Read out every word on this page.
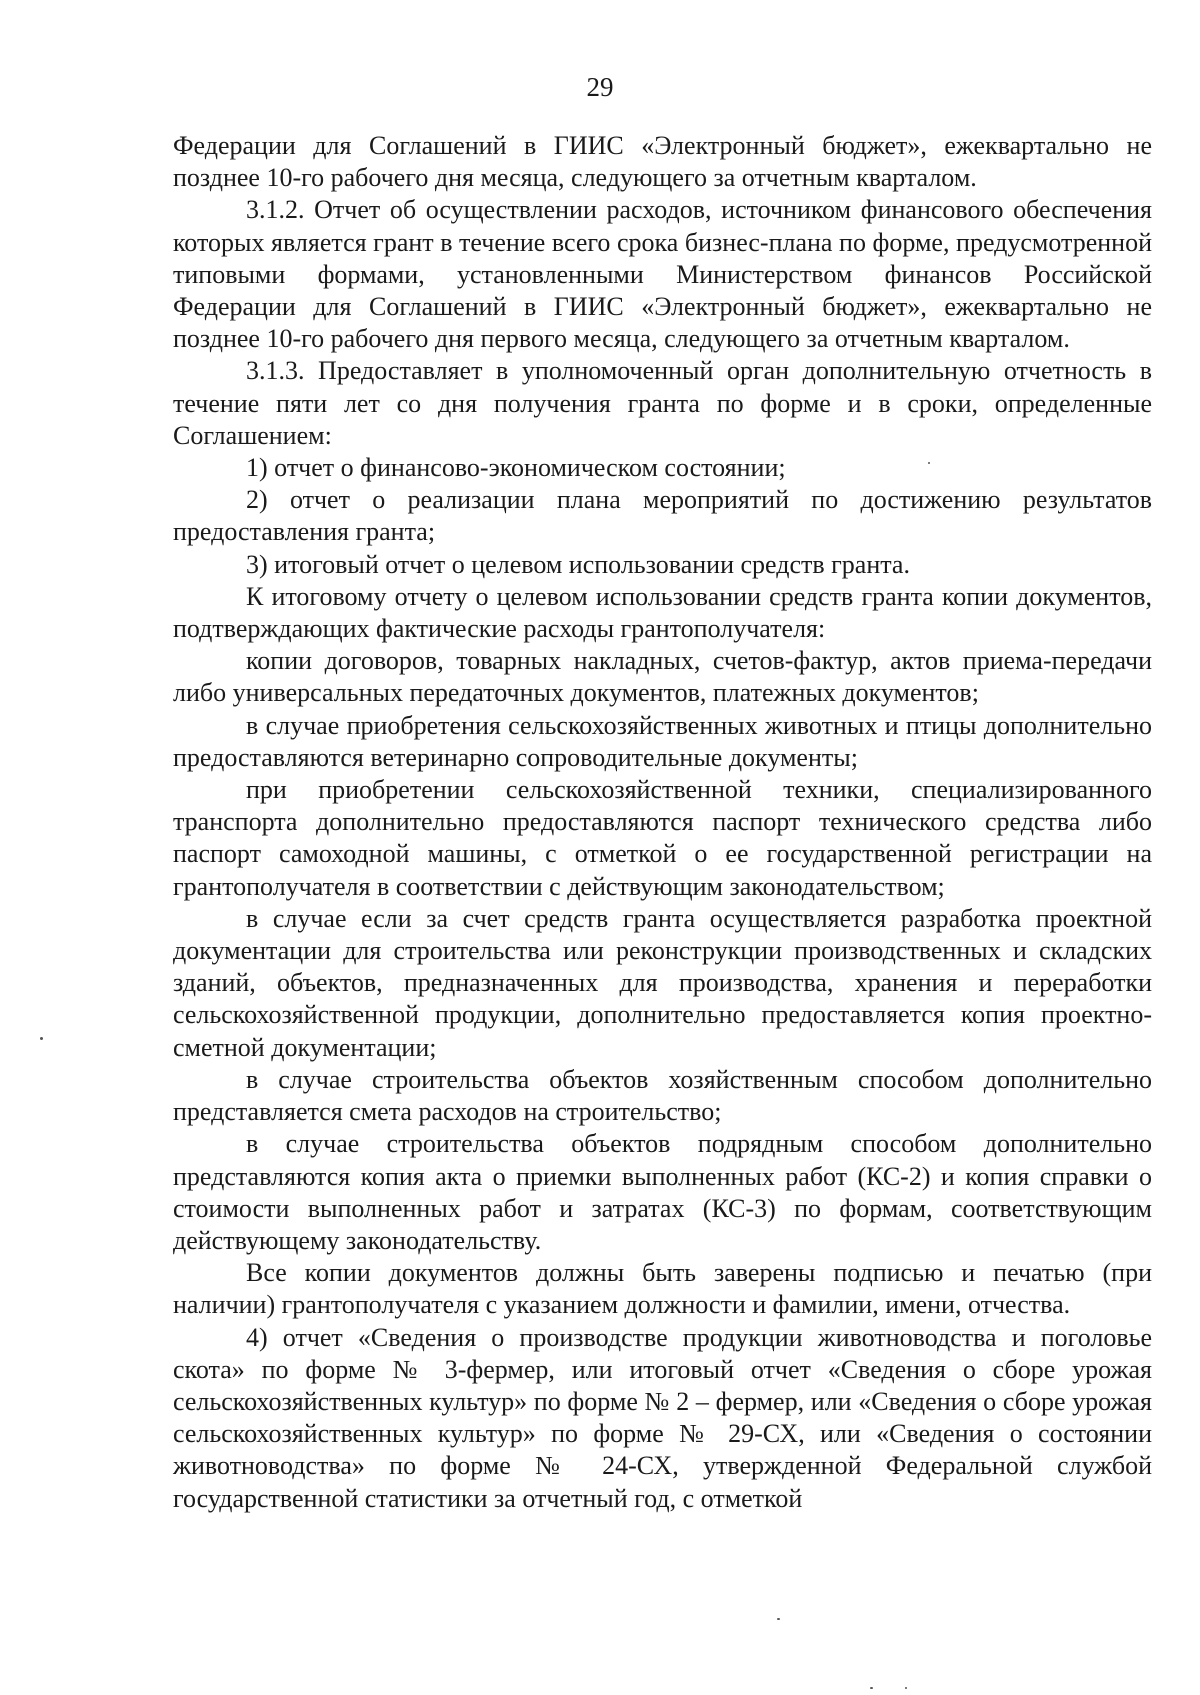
29

Федерации для Соглашений в ГИИС «Электронный бюджет», ежеквартально не позднее 10-го рабочего дня месяца, следующего за отчетным кварталом.

3.1.2. Отчет об осуществлении расходов, источником финансового обеспечения которых является грант в течение всего срока бизнес-плана по форме, предусмотренной типовыми формами, установленными Министерством финансов Российской Федерации для Соглашений в ГИИС «Электронный бюджет», ежеквартально не позднее 10-го рабочего дня первого месяца, следующего за отчетным кварталом.

3.1.3. Предоставляет в уполномоченный орган дополнительную отчетность в течение пяти лет со дня получения гранта по форме и в сроки, определенные Соглашением:

1) отчет о финансово-экономическом состоянии;

2) отчет о реализации плана мероприятий по достижению результатов предоставления гранта;

3) итоговый отчет о целевом использовании средств гранта.

К итоговому отчету о целевом использовании средств гранта копии документов, подтверждающих фактические расходы грантополучателя:

копии договоров, товарных накладных, счетов-фактур, актов приема-передачи либо универсальных передаточных документов, платежных документов;

в случае приобретения сельскохозяйственных животных и птицы дополнительно предоставляются ветеринарно сопроводительные документы;

при приобретении сельскохозяйственной техники, специализированного транспорта дополнительно предоставляются паспорт технического средства либо паспорт самоходной машины, с отметкой о ее государственной регистрации на грантополучателя в соответствии с действующим законодательством;

в случае если за счет средств гранта осуществляется разработка проектной документации для строительства или реконструкции производственных и складских зданий, объектов, предназначенных для производства, хранения и переработки сельскохозяйственной продукции, дополнительно предоставляется копия проектно-сметной документации;

в случае строительства объектов хозяйственным способом дополнительно представляется смета расходов на строительство;

в случае строительства объектов подрядным способом дополнительно представляются копия акта о приемки выполненных работ (КС-2) и копия справки о стоимости выполненных работ и затратах (КС-3) по формам, соответствующим действующему законодательству.

Все копии документов должны быть заверены подписью и печатью (при наличии) грантополучателя с указанием должности и фамилии, имени, отчества.

4) отчет «Сведения о производстве продукции животноводства и поголовье скота» по форме № 3-фермер, или итоговый отчет «Сведения о сборе урожая сельскохозяйственных культур» по форме № 2 – фермер, или «Сведения о сборе урожая сельскохозяйственных культур» по форме № 29-СХ, или «Сведения о состоянии животноводства» по форме № 24-СХ, утвержденной Федеральной службой государственной статистики за отчетный год, с отметкой
